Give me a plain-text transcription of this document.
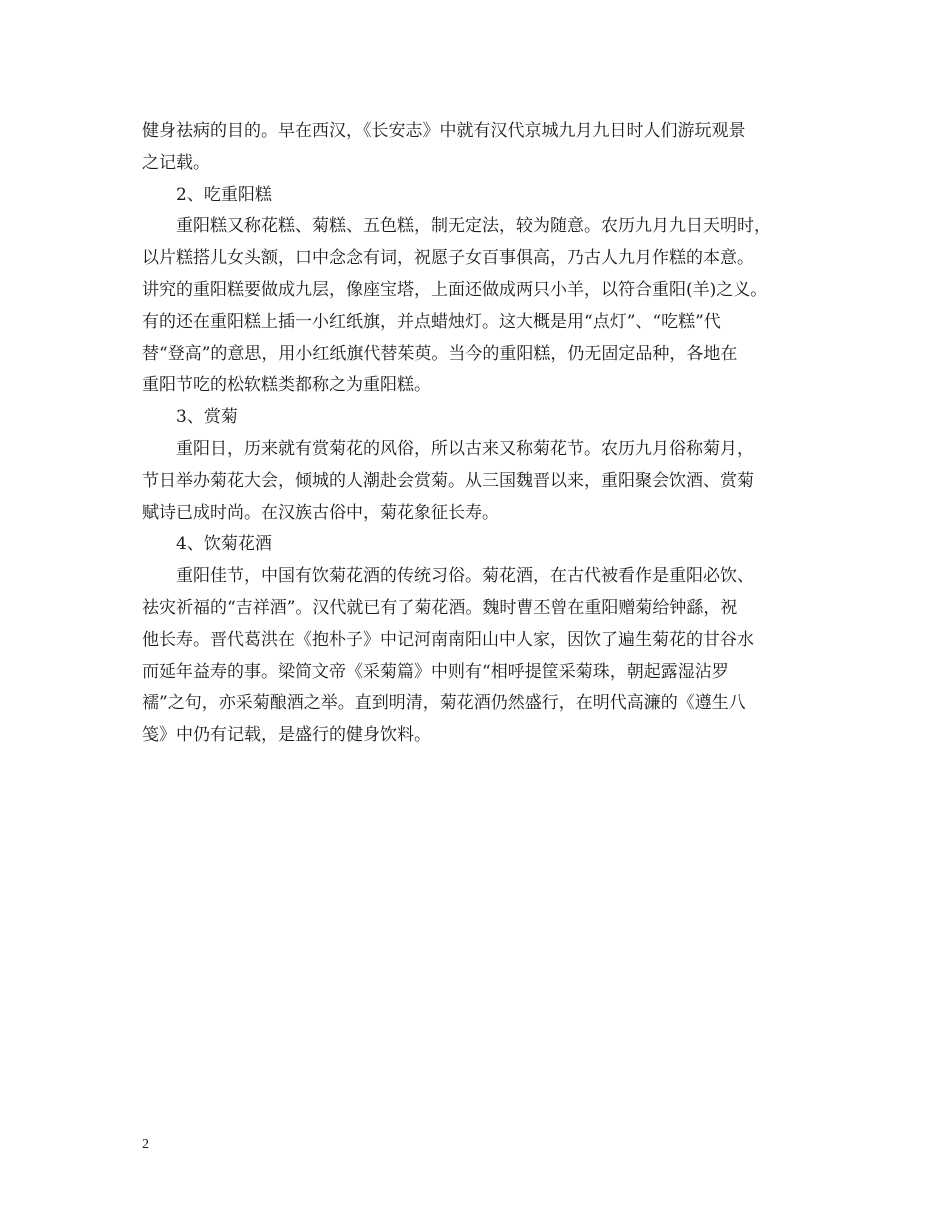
健身祛病的目的。早在西汉，《长安志》中就有汉代京城九月九日时人们游玩观景
之记载。
2、吃重阳糕
重阳糕又称花糕、菊糕、五色糕，制无定法，较为随意。农历九月九日天明时，
以片糕搭儿女头额，口中念念有词，祝愿子女百事俱高，乃古人九月作糕的本意。
讲究的重阳糕要做成九层，像座宝塔，上面还做成两只小羊，以符合重阳(羊)之义。
有的还在重阳糕上插一小红纸旗，并点蜡烛灯。这大概是用“点灯”、“吃糕”代
替“登高”的意思，用小红纸旗代替茱萸。当今的重阳糕，仍无固定品种，各地在
重阳节吃的松软糕类都称之为重阳糕。
3、赏菊
重阳日，历来就有赏菊花的风俗，所以古来又称菊花节。农历九月俗称菊月，
节日举办菊花大会，倾城的人潮赴会赏菊。从三国魏晋以来，重阳聚会饮酒、赏菊
赋诗已成时尚。在汉族古俗中，菊花象征长寿。
4、饮菊花酒
重阳佳节，中国有饮菊花酒的传统习俗。菊花酒，在古代被看作是重阳必饮、
祛灾祈福的“吉祥酒”。汉代就已有了菊花酒。魏时曹丕曾在重阳赠菊给钟繇，祝
他长寿。晋代葛洪在《抱朴子》中记河南南阳山中人家，因饮了遍生菊花的甘谷水
而延年益寿的事。梁简文帝《采菊篇》中则有“相呼提筐采菊珠，朝起露湿沾罗
襦”之句，亦采菊酿酒之举。直到明清，菊花酒仍然盛行，在明代高濂的《遵生八
笺》中仍有记载，是盛行的健身饮料。
2
